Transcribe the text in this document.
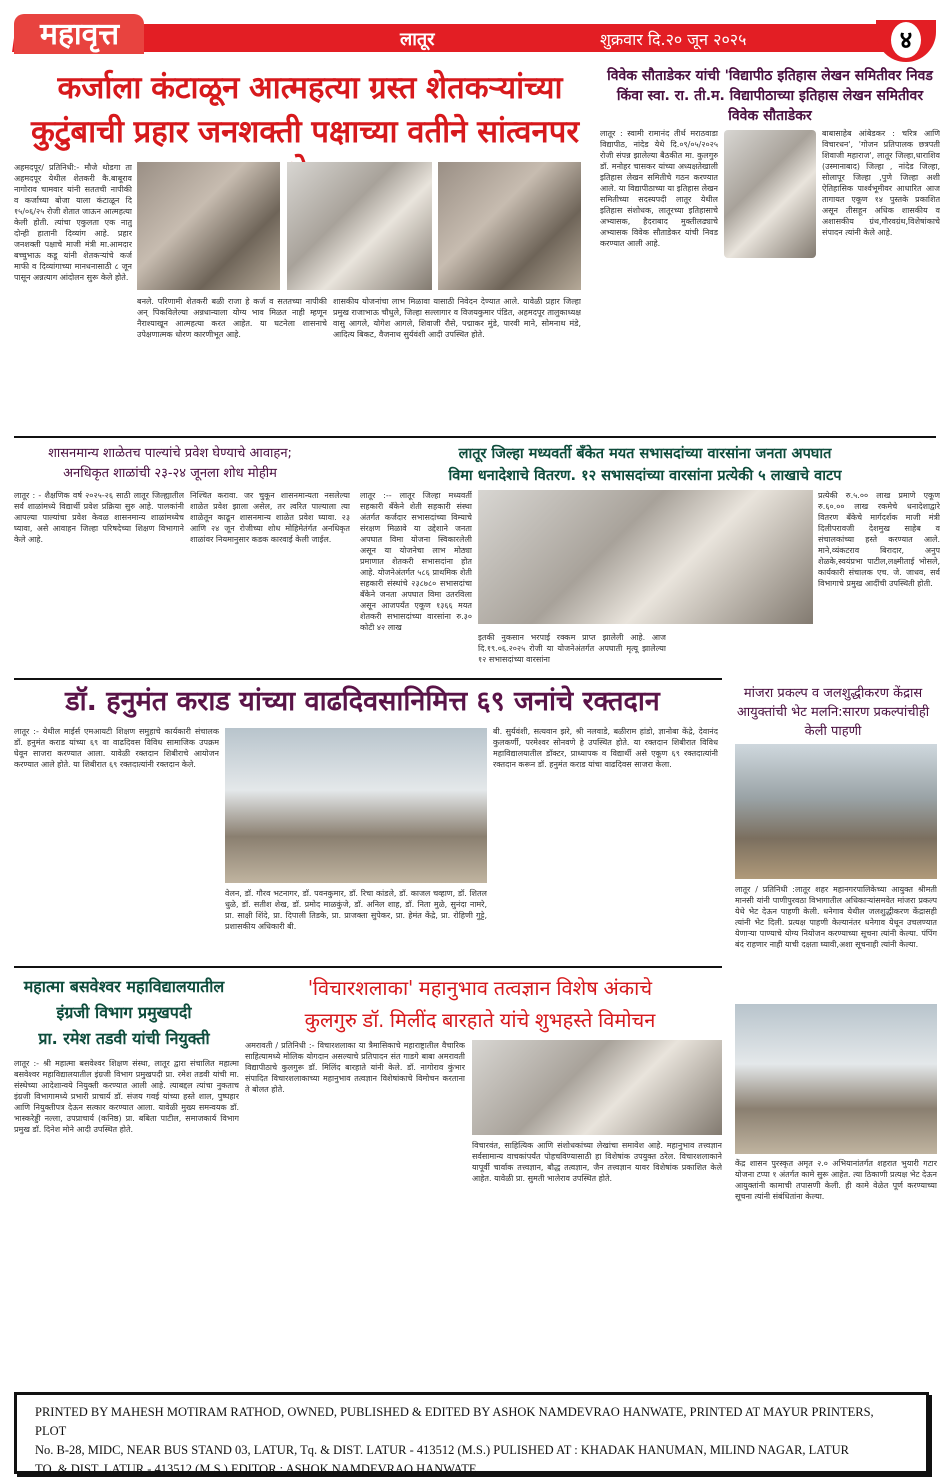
महावृत्त	लातूर	शुक्रवार दि.२० जून २०२५	४
कर्जाला कंटाळून आत्महत्या ग्रस्त शेतकऱ्यांच्या
कुटुंबाची प्रहार जनशक्ती पक्षाच्या वतीने सांत्वनपर
अहमदपूर/ प्रतिनिधी:- मौजे थोडगा ता अहमदपूर येथील शेतकरी कै.बाबूराव नागोराव चामवार यांनी सततची नापीकी व कर्जाच्या बोजा याला कंटाळून दि १५/०६/२५ रोजी शेतात जाऊन आत्महत्या केली होती. त्यांचा एकुलता एक नातु दोन्ही हातानी दिव्यांग आहे. प्रहार जनशक्ती पक्षाचे माजी मंत्री मा.आमदार बच्चुभाऊ कडू यांनी शेतकऱ्यांचे कर्ज माफी व दिव्यांगाच्या मानधनासाठी ८ जून पासून अन्नत्याग आंदोलन सुरू केले होते.
बनले. परिणामी शेतकरी बळी राजा हे कर्ज व सततच्या नापीकी अन् पिकविलेल्या अन्नधान्याला योग्य भाव मिळत नाही म्हणून नैराश्याखून आत्महत्या करत आहेत. या घटनेला शासनाचे उपेक्षणात्मक धोरण कारणीभूत आहे.
शासकीय योजनांचा लाभ मिळावा यासाठी निवेदन देण्यात आले. यावेळी प्रहार जिल्हा प्रमुख राजाभाऊ चौधुले, जिल्हा सल्लागार व विजयकुमार पंडित, अहमदपूर तालुकाध्यक्ष वासु आगले, योगेश आगले, शिवाजी रौसे, पद्माकर मुंडे, पारवी माने, सोमनाथ मंडे, आदित्य बिकट, वैजनाथ सुर्यवंशी आदी उपस्थित होते.
विवेक सौताडेकर यांची 'विद्यापीठ इतिहास लेखन समितीवर निवड किंवा स्वा. रा. ती.म. विद्यापीठाच्या इतिहास लेखन समितीवर विवेक सौताडेकर
लातूर : स्वामी रामानंद तीर्थ मराठवाडा विद्यापीठ, नांदेड येथे दि.०९/०५/२०२५ रोजी संपन्न झालेल्या बैठकीत मा. कुलगुरु डॉ. मनोहर चासकर यांच्या अध्यक्षतेखाली इतिहास लेखन समितीचे गठन करण्यात आले. या विद्यापीठाच्या या इतिहास लेखन समितीच्या सदस्यपदी लातूर येथील इतिहास संशोधक, लातूरच्या इतिहासाचे अभ्यासक, हैदराबाद मुक्तीलढ्याचे अभ्यासक विवेक सौताडेकर यांची निवड करण्यात आली आहे.
बाबासाहेब आंबेडकर : चरित्र आणि विचारधन', 'गोजन प्रतिपालक छत्रपती शिवाजी महाराज', लातूर जिल्हा,धाराशिव (उस्मानाबाद) जिल्हा , नांदेड जिल्हा, सोलापूर जिल्हा ,पुणे जिल्हा अशी ऐतिहासिक पार्श्वभूमीवर आधारित आज तागायत एकूण १४ पुस्तके प्रकाशित असून तीसहून अधिक शासकीय व अशासकीय ग्रंथ,गौरवग्रंथ,विशेषांकाचे संपादन त्यांनी केले आहे.
शासनमान्य शाळेतच पाल्यांचे प्रवेश घेण्याचे आवाहन;
अनधिकृत शाळांची २३-२४ जूनला शोध मोहीम
लातूर : - शैक्षणिक वर्ष २०२५-२६ साठी लातूर जिल्ह्यातील सर्व शाळांमध्ये विद्यार्थी प्रवेश प्रक्रिया सुरु आहे. पालकांनी आपल्या पाल्यांचा प्रवेश केवळ शासनमान्य शाळांमध्येच घ्यावा, असे आवाहन जिल्हा परिषदेच्या शिक्षण विभागाने केले आहे.
निश्चित करावा. जर चुकून शासनमान्यता नसलेल्या शाळेत प्रवेश झाला असेल, तर त्वरित पाल्याला त्या शाळेतून काढून शासनमान्य शाळेत प्रवेश घ्यावा. २३ आणि २४ जून रोजीच्या शोध मोहिमेतंर्गत अनधिकृत शाळांवर नियमानुसार कडक कारवाई केली जाईल.
लातूर जिल्हा मध्यवर्ती बँकेत मयत सभासदांच्या वारसांना जनता अपघात
विमा धनादेशाचे वितरण. १२ सभासदांच्या वारसांना प्रत्येकी ५ लाखाचे वाटप
लातूर :-- लातूर जिल्हा मध्यवर्ती सहकारी बँकेने शेती सहकारी संस्था अंतर्गत कर्जदार सभासदांच्या विम्याचे संरक्षण मिळावे या उद्देशाने जनता अपघात विमा योजना स्विकारलेली असून या योजनेचा लाभ मोठ्या प्रमाणात शेतकरी सभासदांना होत आहे. योजनेअंतर्गत ५८६ प्राथमिक शेती सहकारी संस्थांचे २३८७८० सभासदांचा बँकेने जनता अपघात विमा उतरविला असून आजपर्यंत एकूण १३६६ मयत शेतकरी सभासदांच्या वारसांना रु.३० कोटी ४२ लाख
इतकी नुकसान भरपाई रक्कम प्राप्त झालेली आहे. आज दि.१९.०६.२०२५ रोजी या योजनेअंतर्गत अपघाती मृत्यू झालेल्या १२ सभासदांच्या वारसांना
प्रत्येकी रु.५.०० लाख प्रमाणे एकूण रु.६०.०० लाख रकमेचे धनादेशाद्वारे वितरण बँकेचे मार्गदर्शक माजी मंत्री दिलीपरावजी देशमुख साहेब व संचालकांच्या हस्ते करण्यात आले. माने,व्यंकटराव बिरादार, अनुप शेळके,स्वयंप्रभा पाटील,लक्ष्मीताई भोसले, कार्यकारी संचालक एच. जे. जाधव, सर्व विभागाचे प्रमुख आदींची उपस्थिती होती.
डॉ. हनुमंत कराड यांच्या वाढदिवसानिमित्त ६९ जनांचे रक्तदान
लातूर :- येथील माईर्स एमआयटी शिक्षण समुहाचे कार्यकारी संचालक डॉ. हनुमंत कराड यांच्या ६९ वा वाढदिवस विविध सामाजिक उपक्रम घेवून साजरा करण्यात आला. यावेळी रक्तदान शिबीराचे आयोजन करण्यात आले होते. या शिबीरात ६९ रक्तदात्यांनी रक्तदान केले.
वेलन, डॉ. गौरव भटनागर, डॉ. पवनकुमार, डॉ. रिचा कांडले, डॉ. काजल चव्हाण, डॉ. शितल धुळे, डॉ. सतीश शेख, डॉ. प्रमोद माळकुंजे, डॉ. अनिल शाह, डॉ. निता मुळे, सुनंदा नामरे, प्रा. साक्षी शिंदे, प्रा. दिपाली तिडके, प्रा. प्राजक्ता सुपेकर, प्रा. हेमंत केंद्रे, प्रा. रोहिणी गुट्टे, प्रशासकीय अधिकारी बी.
बी. सुर्यवंशी, सत्यवान झरे, श्री नलवाडे, बळीराम हांडो, ज्ञानोबा केंद्रे, देवानंद कुलकर्णी, परमेश्वर सोनवणे हे उपस्थित होते. या रक्तदान शिबीरात विविध महाविद्यालयातील डॉक्टर, प्राध्यापक व विद्यार्थी असे एकूण ६९ रक्तदात्यांनी रक्तदान करून डॉ. हनुमंत कराड यांचा वाढदिवस साजरा केला.
मांजरा प्रकल्प व जलशुद्धीकरण केंद्रास आयुक्तांची भेट मलनि:सारण प्रकल्पांचीही केली पाहणी
लातूर / प्रतिनिधी :लातूर शहर महानगरपालिकेच्या आयुक्त श्रीमती मानसी यांनी पाणीपुरवठा विभागातील अधिकाऱ्यांसमवेत मांजरा प्रकल्प येथे भेट देऊन पाहणी केली. धनेगाव येथील जलशुद्धीकरण केंद्रासही त्यांनी भेट दिली. प्रत्यक्ष पाहणी केल्यानंतर धनेगाव येथून उचलण्यात येणाऱ्या पाण्याचे योग्य नियोजन करण्याच्या सूचना त्यांनी केल्या. पंपिंग बंद राहणार नाही याची दक्षता घ्यावी,अशा सूचनाही त्यांनी केल्या.
केंद्र शासन पुरस्कृत अमृत २.० अभियानांतर्गत शहरात भुयारी गटार योजना टप्पा १ अंतर्गत कामे सुरू आहेत. त्या ठिकाणी प्रत्यक्ष भेट देऊन आयुक्तांनी कामाची तपासणी केली. ही कामे वेळेत पूर्ण करण्याच्या सूचना त्यांनी संबंधितांना केल्या.
महात्मा बसवेश्वर महाविद्यालयातील
इंग्रजी विभाग प्रमुखपदी
प्रा. रमेश तडवी यांची नियुक्ती
लातूर :- श्री महात्मा बसवेश्वर शिक्षण संस्था, लातूर द्वारा संचालित महात्मा बसवेश्वर महाविद्यालयातील इंग्रजी विभाग प्रमुखपदी प्रा. रमेश तडवी यांची मा. संस्थेच्या आदेशान्वये नियुक्ती करण्यात आली आहे. त्याबद्दल त्यांचा नुकताच इंग्रजी विभागामध्ये प्रभारी प्राचार्य डॉ. संजय गवई यांच्या हस्ते शाल, पुष्पहार आणि नियुक्तीपत्र देऊन सत्कार करण्यात आला. यावेळी मुख्य समन्वयक डॉ. भास्करेड्डी नल्ला, उपप्राचार्य (कनिष्ठ) प्रा. बबिता पाटील, समाजकार्य विभाग प्रमुख डॉ. दिनेश मोने आदी उपस्थित होते.
'विचारशलाका' महानुभाव तत्वज्ञान विशेष अंकाचे
कुलगुरु डॉ. मिलींद बारहाते यांचे शुभहस्ते विमोचन
अमरावती / प्रतिनिधी :- विचारशलाका या त्रैमासिकाचे महाराष्ट्रातील वैचारिक साहित्यामध्ये मोलिक योगदान असल्याचे प्रतिपादन संत गाडगे बाबा अमरावती विद्यापीठाचे कुलगुरू डॉ. मिलिंद बारहाते यांनी केले. डॉ. नागोराव कुंभार संपादित विचारशलाकाच्या महानुभाव तत्वज्ञान विशेषांकाचे विमोचन करताना ते बोलत होते.
विचारवंत, साहित्यिक आणि संशोधकांच्या लेखांचा समावेश आहे. महानुभाव तत्त्वज्ञान सर्वसामान्य वाचकांपर्यंत पोहचविण्यासाठी हा विशेषांक उपयुक्त ठरेल. विचारशलाकाने यापूर्वी चार्वाक तत्त्वज्ञान, बौद्ध तत्वज्ञान, जैन तत्त्वज्ञान यावर विशेषांक प्रकाशित केले आहेत. यावेळी प्रा. सुमती भालेराव उपस्थित होते.
PRINTED BY MAHESH MOTIRAM RATHOD, OWNED, PUBLISHED & EDITED BY ASHOK NAMDEVRAO HANWATE, PRINTED AT MAYUR PRINTERS, PLOT
No. B-28, MIDC, NEAR BUS STAND 03, LATUR, Tq. & DIST. LATUR - 413512 (M.S.) PULISHED AT : KHADAK HANUMAN, MILIND NAGAR, LATUR
TQ. & DIST. LATUR - 413512 (M.S.) EDITOR : ASHOK NAMDEVRAO HANWATE
